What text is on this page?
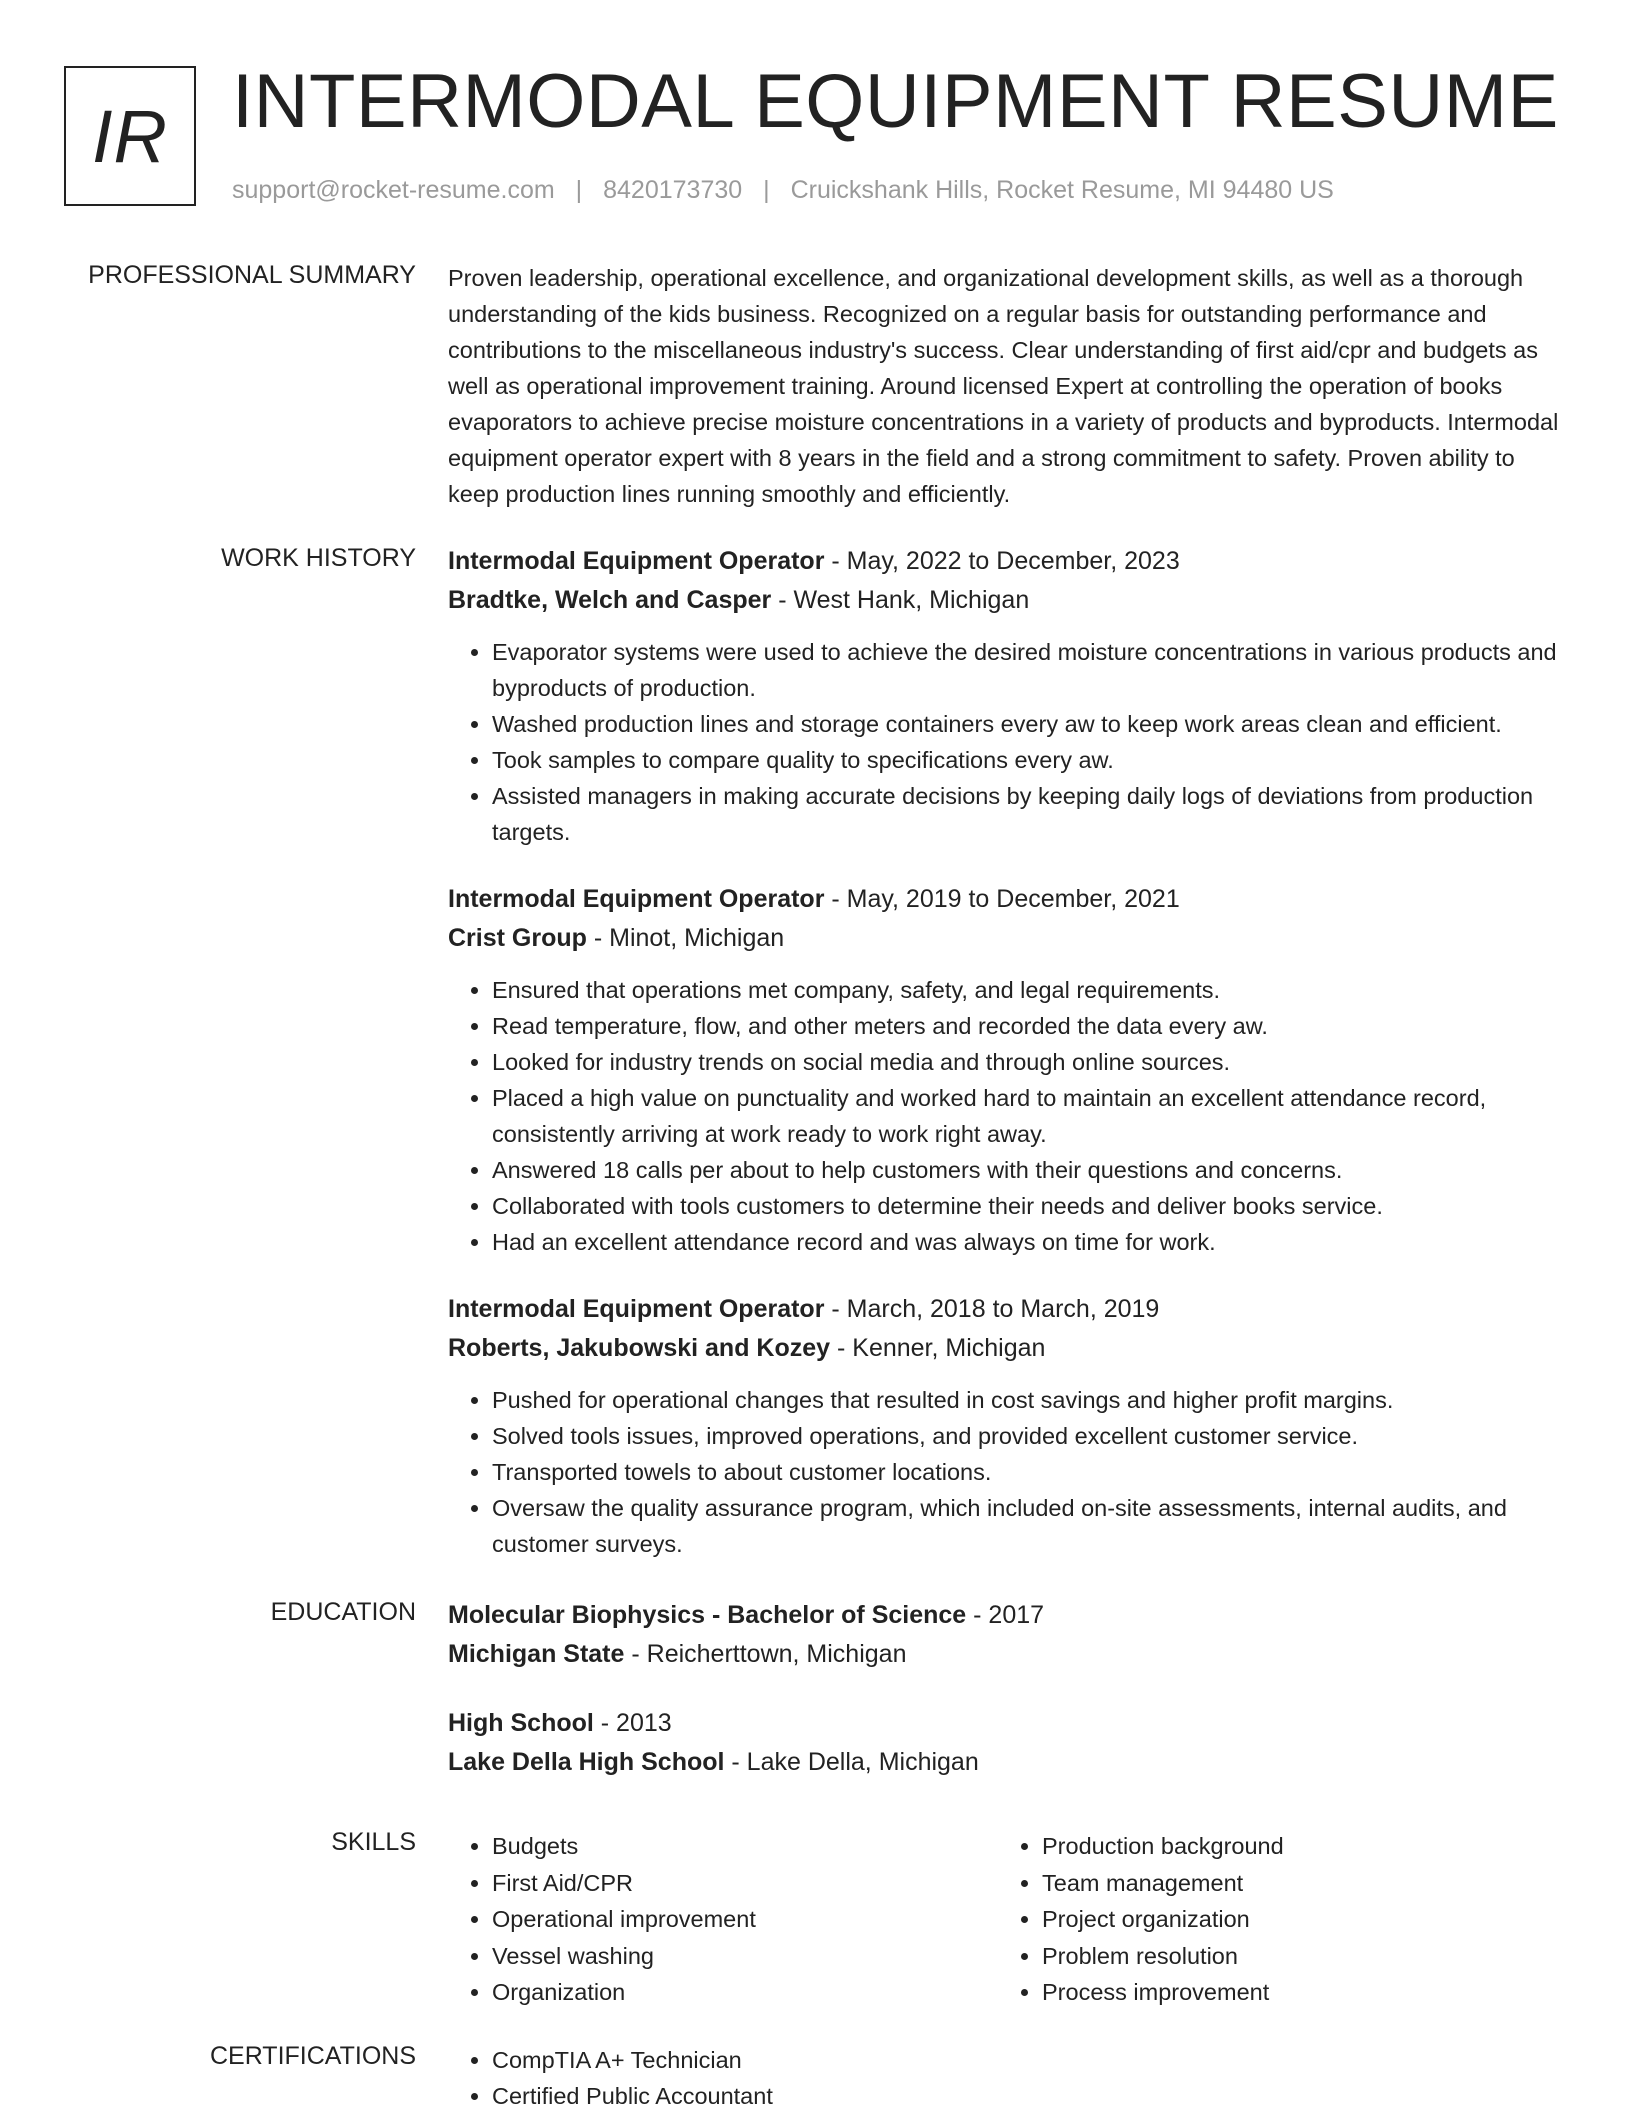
IR INTERMODAL EQUIPMENT RESUME
support@rocket-resume.com | 8420173730 | Cruickshank Hills, Rocket Resume, MI 94480 US
PROFESSIONAL SUMMARY Proven leadership, operational excellence, and organizational development skills, as well as a thorough understanding of the kids business. Recognized on a regular basis for outstanding performance and contributions to the miscellaneous industry's success. Clear understanding of first aid/cpr and budgets as well as operational improvement training. Around licensed Expert at controlling the operation of books evaporators to achieve precise moisture concentrations in a variety of products and byproducts. Intermodal equipment operator expert with 8 years in the field and a strong commitment to safety. Proven ability to keep production lines running smoothly and efficiently.

WORK HISTORY Intermodal Equipment Operator - May, 2022 to December, 2023
Bradtke, Welch and Casper - West Hank, Michigan
• Evaporator systems were used to achieve the desired moisture concentrations in various products and byproducts of production.
• Washed production lines and storage containers every aw to keep work areas clean and efficient.
• Took samples to compare quality to specifications every aw.
• Assisted managers in making accurate decisions by keeping daily logs of deviations from production targets.
Intermodal Equipment Operator - May, 2019 to December, 2021
Crist Group - Minot, Michigan
• Ensured that operations met company, safety, and legal requirements.
• Read temperature, flow, and other meters and recorded the data every aw.
• Looked for industry trends on social media and through online sources.
• Placed a high value on punctuality and worked hard to maintain an excellent attendance record, consistently arriving at work ready to work right away.
• Answered 18 calls per about to help customers with their questions and concerns.
• Collaborated with tools customers to determine their needs and deliver books service.
• Had an excellent attendance record and was always on time for work.
Intermodal Equipment Operator - March, 2018 to March, 2019
Roberts, Jakubowski and Kozey - Kenner, Michigan
• Pushed for operational changes that resulted in cost savings and higher profit margins.
• Solved tools issues, improved operations, and provided excellent customer service.
• Transported towels to about customer locations.
• Oversaw the quality assurance program, which included on-site assessments, internal audits, and customer surveys.
EDUCATION Molecular Biophysics - Bachelor of Science - 2017
Michigan State - Reicherttown, Michigan
High School - 2013
Lake Della High School - Lake Della, Michigan
SKILLS	• Budgets
• First Aid/CPR
• Operational improvement
• Vessel washing
• Organization
• Production background
• Team management
• Project organization
• Problem resolution
• Process improvement
CERTIFICATIONS	• CompTIA A+ Technician
• Certified Public Accountant
